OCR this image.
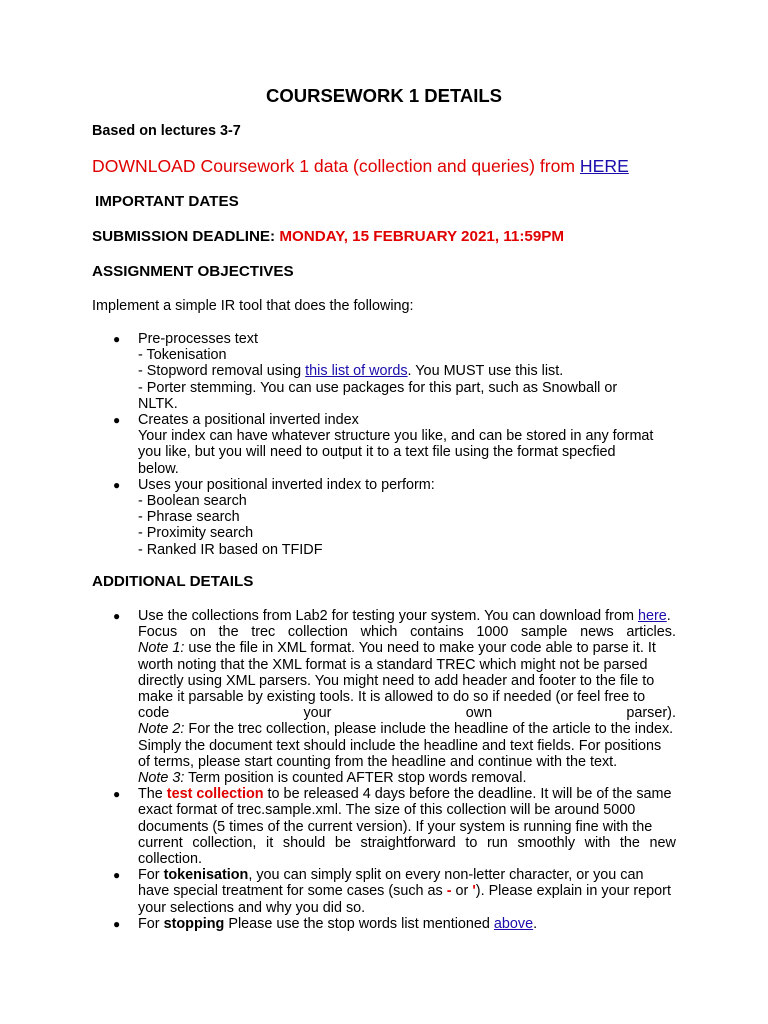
COURSEWORK 1 DETAILS

Based on lectures 3-7

DOWNLOAD Coursework 1 data (collection and queries) from HERE

IMPORTANT DATES

SUBMISSION DEADLINE: MONDAY, 15 FEBRUARY 2021, 11:59PM

ASSIGNMENT OBJECTIVES

Implement a simple IR tool that does the following:

● Pre-processes text
- Tokenisation
- Stopword removal using this list of words. You MUST use this list.
- Porter stemming. You can use packages for this part, such as Snowball or
NLTK.
● Creates a positional inverted index
Your index can have whatever structure you like, and can be stored in any format
you like, but you will need to output it to a text file using the format specfied
below.
● Uses your positional inverted index to perform:
- Boolean search
- Phrase search
- Proximity search
- Ranked IR based on TFIDF

ADDITIONAL DETAILS

● Use the collections from Lab2 for testing your system. You can download from here.
Focus on the trec collection which contains 1000 sample news articles.
Note 1: use the file in XML format. You need to make your code able to parse it. It
worth noting that the XML format is a standard TREC which might not be parsed
directly using XML parsers. You might need to add header and footer to the file to
make it parsable by existing tools. It is allowed to do so if needed (or feel free to
code	your	own	parser).
Note 2: For the trec collection, please include the headline of the article to the index.
Simply the document text should include the headline and text fields. For positions
of terms, please start counting from the headline and continue with the text.
Note 3: Term position is counted AFTER stop words removal.
● The test collection to be released 4 days before the deadline. It will be of the same
exact format of trec.sample.xml. The size of this collection will be around 5000
documents (5 times of the current version). If your system is running fine with the
current collection, it should be straightforward to run smoothly with the new
collection.
● For tokenisation, you can simply split on every non-letter character, or you can
have special treatment for some cases (such as - or '). Please explain in your report
your selections and why you did so.
● For stopping Please use the stop words list mentioned above.
